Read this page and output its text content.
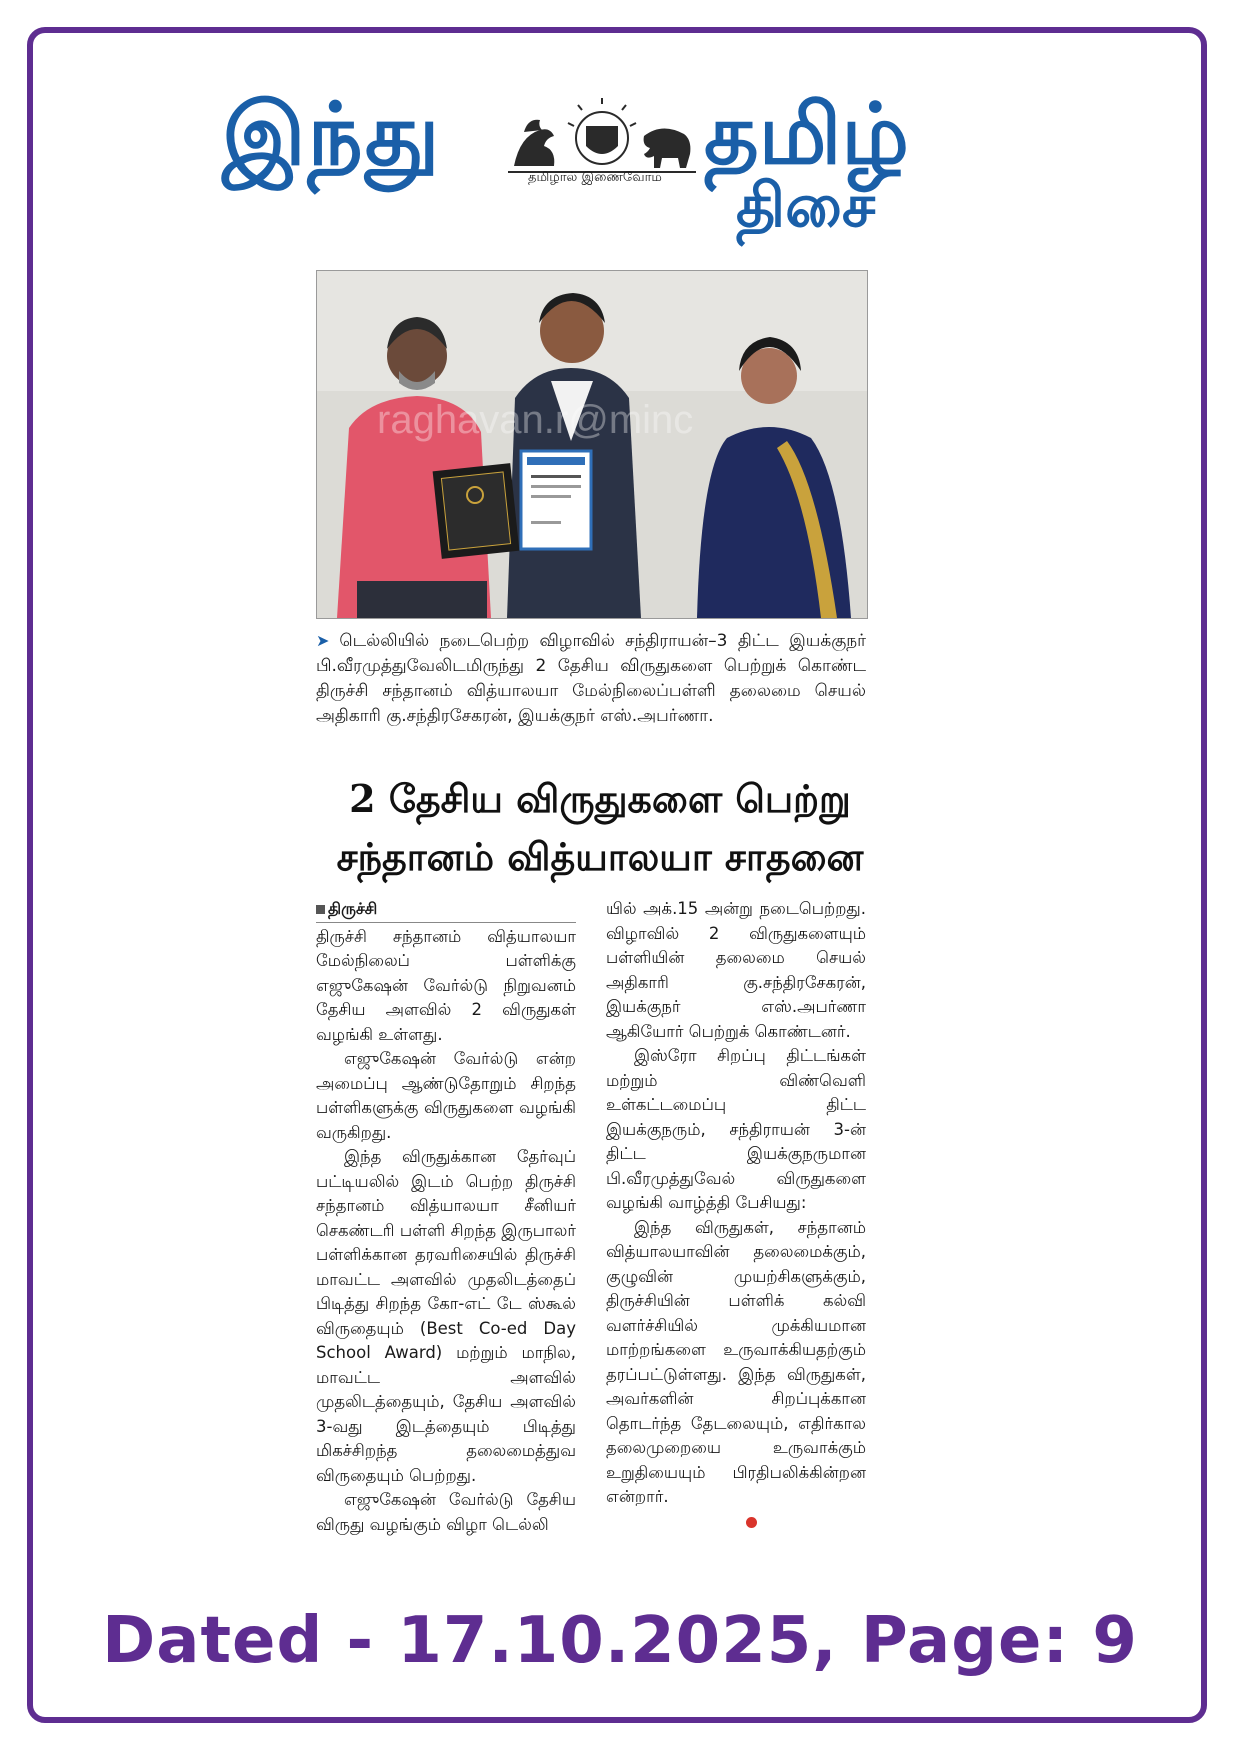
இந்து	தமிழால் இணைவோம் தமிழ்
திசை
raghavan.r@minc
➤ டெல்லியில் நடைபெற்ற விழாவில் சந்திராயன்–3 திட்ட இயக்குநர் பி.வீரமுத்துவேலிடமிருந்து 2 தேசிய விருதுகளை பெற்றுக் கொண்ட திருச்சி சந்தானம் வித்யாலயா மேல்நிலைப்பள்ளி தலைமை செயல் அதிகாரி கு.சந்திரசேகரன், இயக்குநர் எஸ்.அபர்ணா.
2 தேசிய விருதுகளை பெற்று
சந்தானம் வித்யாலயா சாதனை
திருச்சி

திருச்சி சந்தானம் வித்யாலயா மேல்நிலைப் பள்ளிக்கு எஜுகேஷன் வேர்ல்டு நிறுவனம் தேசிய அளவில் 2 விருதுகள் வழங்கி உள்ளது.

எஜுகேஷன் வேர்ல்டு என்ற அமைப்பு ஆண்டுதோறும் சிறந்த பள்ளிகளுக்கு விருதுகளை வழங்கி வருகிறது.

இந்த விருதுக்கான தேர்வுப் பட்டியலில் இடம் பெற்ற திருச்சி சந்தானம் வித்யாலயா சீனியர் செகண்டரி பள்ளி சிறந்த இருபாலர் பள்ளிக்கான தரவரிசையில் திருச்சி மாவட்ட அளவில் முதலிடத்தைப் பிடித்து சிறந்த கோ-எட் டே ஸ்கூல் விருதையும் (Best Co-ed Day School Award) மற்றும் மாநில, மாவட்ட அளவில் முதலிடத்தையும், தேசிய அளவில் 3-வது இடத்தையும் பிடித்து மிகச்சிறந்த தலைமைத்துவ விருதையும் பெற்றது.

எஜுகேஷன் வேர்ல்டு தேசிய விருது வழங்கும் விழா டெல்லி

யில் அக்.15 அன்று நடைபெற்றது. விழாவில் 2 விருதுகளையும் பள்ளியின் தலைமை செயல் அதிகாரி கு.சந்திரசேகரன், இயக்குநர் எஸ்.அபர்ணா ஆகியோர் பெற்றுக் கொண்டனர்.

இஸ்ரோ சிறப்பு திட்டங்கள் மற்றும் விண்வெளி உள்கட்டமைப்பு திட்ட இயக்குநரும், சந்திராயன் 3-ன் திட்ட இயக்குநருமான பி.வீரமுத்துவேல் விருதுகளை வழங்கி வாழ்த்தி பேசியது:

இந்த விருதுகள், சந்தானம் வித்யாலயாவின் தலைமைக்கும், குழுவின் முயற்சிகளுக்கும், திருச்சியின் பள்ளிக் கல்வி வளர்ச்சியில் முக்கியமான மாற்றங்களை உருவாக்கியதற்கும் தரப்பட்டுள்ளது. இந்த விருதுகள், அவர்களின் சிறப்புக்கான தொடர்ந்த தேடலையும், எதிர்கால தலைமுறையை உருவாக்கும் உறுதியையும் பிரதிபலிக்கின்றன என்றார்.

Dated - 17.10.2025, Page: 9
